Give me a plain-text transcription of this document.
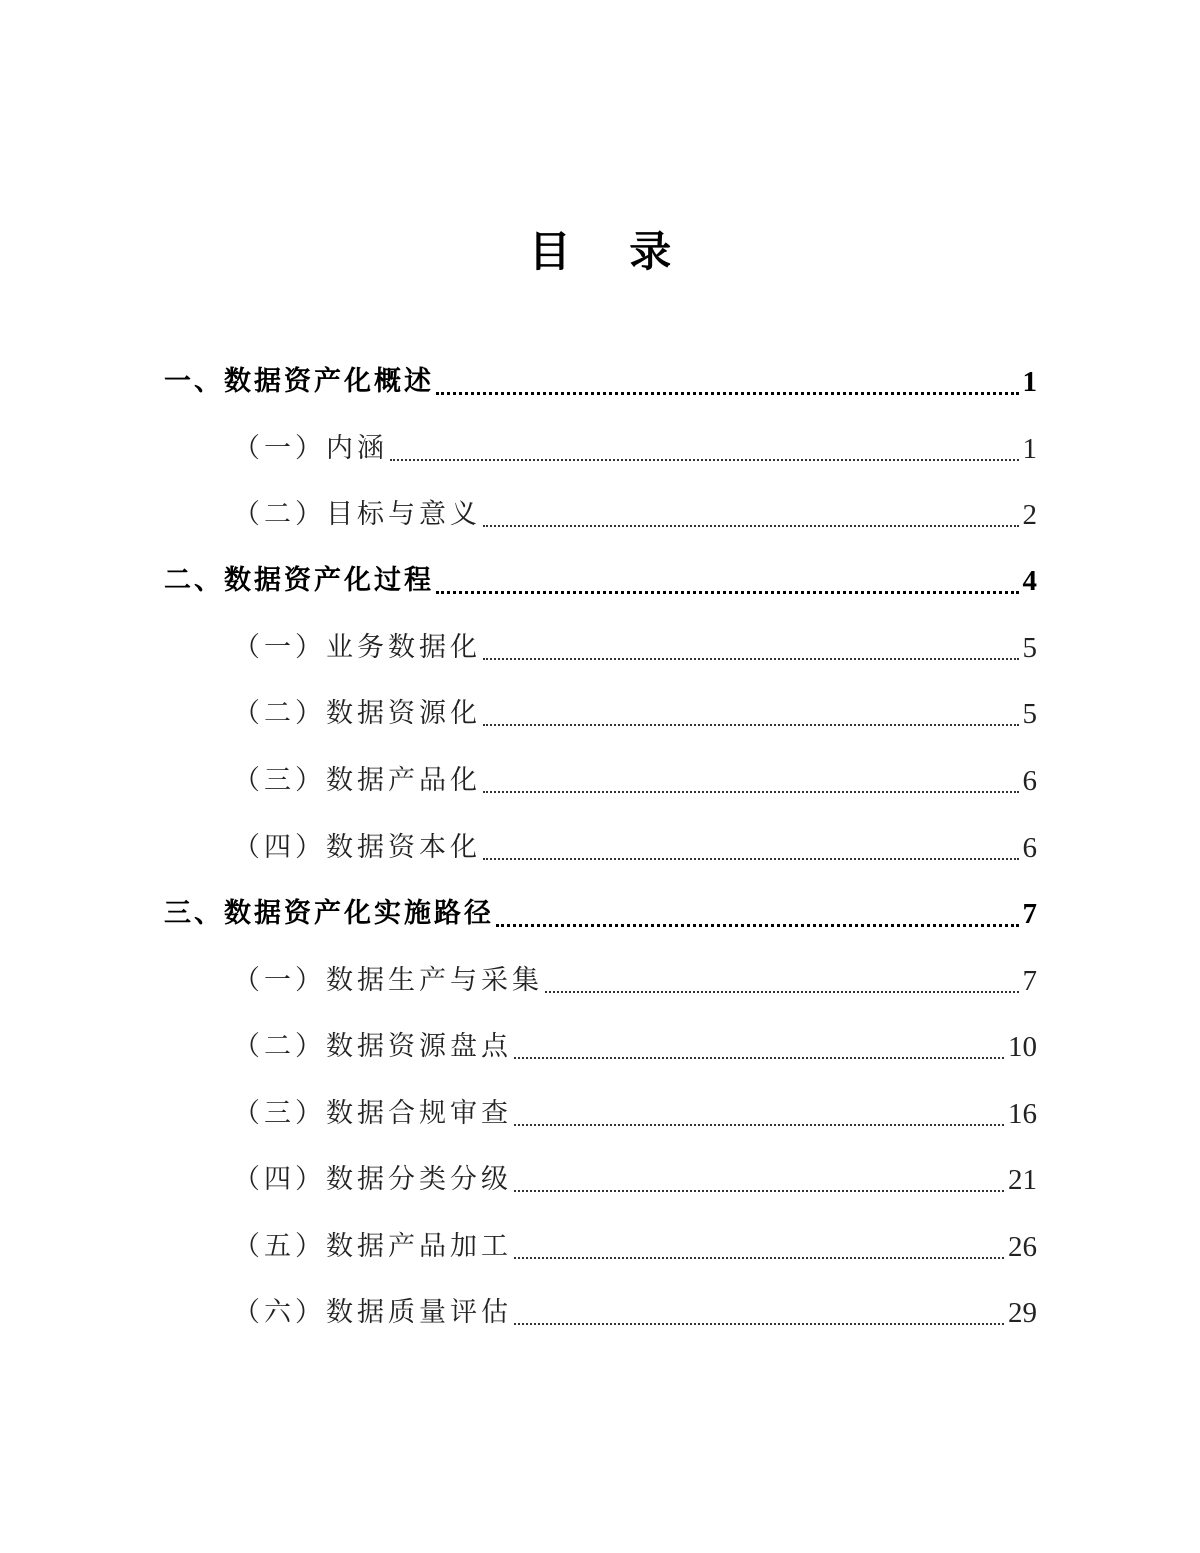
目 录
一、数据资产化概述	1
（一）内涵	1
（二）目标与意义	2
二、数据资产化过程	4
（一）业务数据化	5
（二）数据资源化	5
（三）数据产品化	6
（四）数据资本化	6
三、数据资产化实施路径	7
（一）数据生产与采集	7
（二）数据资源盘点	10
（三）数据合规审查	16
（四）数据分类分级	21
（五）数据产品加工	26
（六）数据质量评估	29
